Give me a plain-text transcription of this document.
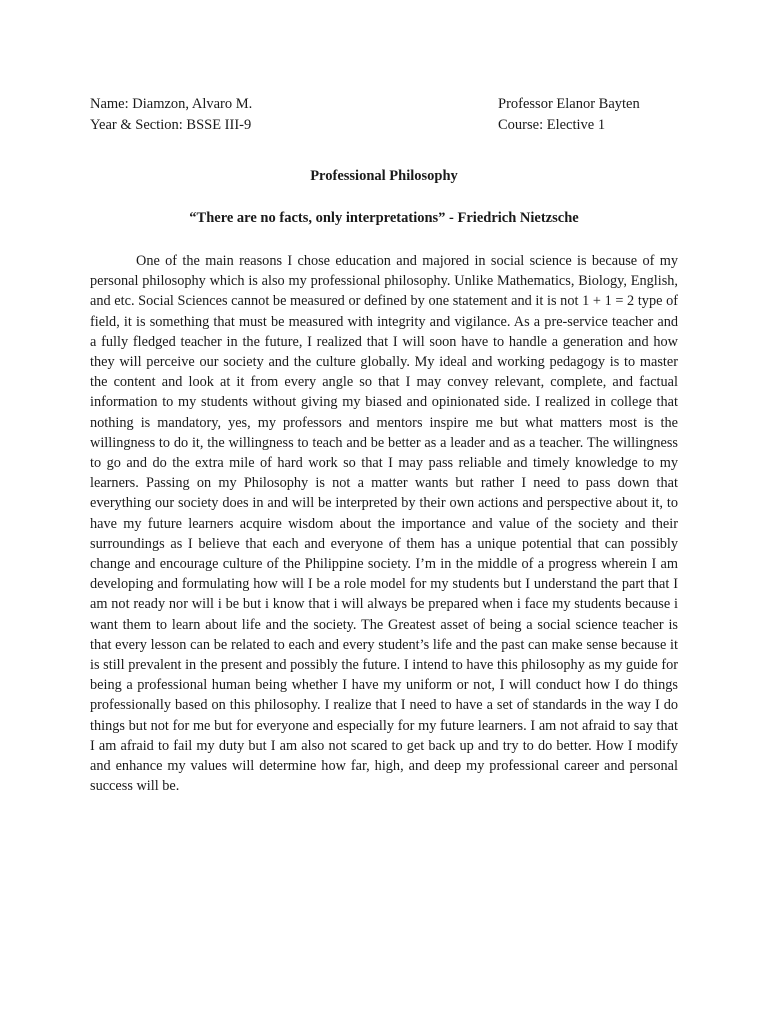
Name: Diamzon, Alvaro M.
Year & Section: BSSE III-9
Professor Elanor Bayten
Course: Elective 1
Professional Philosophy
“There are no facts, only interpretations” - Friedrich Nietzsche

One of the main reasons I chose education and majored in social science is because of my personal philosophy which is also my professional philosophy. Unlike Mathematics, Biology, English, and etc. Social Sciences cannot be measured or defined by one statement and it is not 1 + 1 = 2 type of field, it is something that must be measured with integrity and vigilance. As a pre-service teacher and a fully fledged teacher in the future, I realized that I will soon have to handle a generation and how they will perceive our society and the culture globally. My ideal and working pedagogy is to master the content and look at it from every angle so that I may convey relevant, complete, and factual information to my students without giving my biased and opinionated side. I realized in college that nothing is mandatory, yes, my professors and mentors inspire me but what matters most is the willingness to do it, the willingness to teach and be better as a leader and as a teacher. The willingness to go and do the extra mile of hard work so that I may pass reliable and timely knowledge to my learners. Passing on my Philosophy is not a matter wants but rather I need to pass down that everything our society does in and will be interpreted by their own actions and perspective about it, to have my future learners acquire wisdom about the importance and value of the society and their surroundings as I believe that each and everyone of them has a unique potential that can possibly change and encourage culture of the Philippine society. I’m in the middle of a progress wherein I am developing and formulating how will I be a role model for my students but I understand the part that I am not ready nor will i be but i know that i will always be prepared when i face my students because i want them to learn about life and the society. The Greatest asset of being a social science teacher is that every lesson can be related to each and every student’s life and the past can make sense because it is still prevalent in the present and possibly the future. I intend to have this philosophy as my guide for being a professional human being whether I have my uniform or not, I will conduct how I do things professionally based on this philosophy. I realize that I need to have a set of standards in the way I do things but not for me but for everyone and especially for my future learners. I am not afraid to say that I am afraid to fail my duty but I am also not scared to get back up and try to do better. How I modify and enhance my values will determine how far, high, and deep my professional career and personal success will be.
